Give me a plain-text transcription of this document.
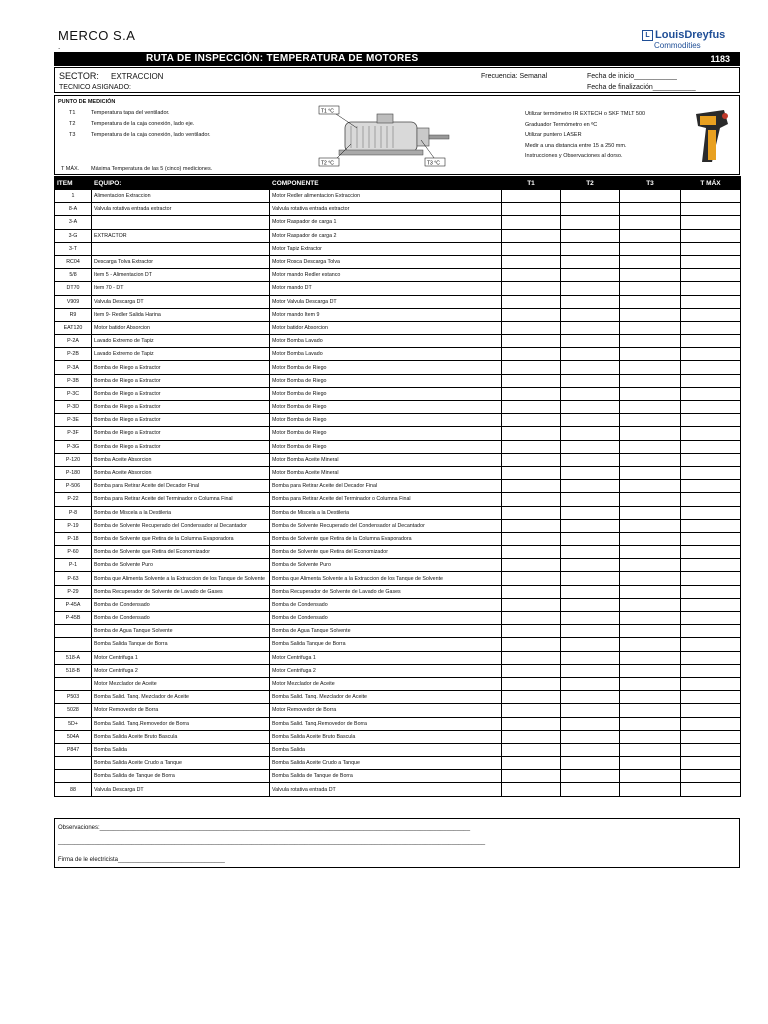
MERCO S.A
.
L LouisDreyfus
Commodities
RUTA DE INSPECCIÓN: TEMPERATURA DE MOTORES	1183
SECTOR: EXTRACCION
TECNICO ASIGNADO:
Frecuencia: Semanal	Fecha de inicio___________
Fecha de finalización___________
PUNTO DE MEDICIÓN
T1	Temperatura tapa del ventilador.
T2	Temperatura de la caja conexión, lado eje.
T3	Temperatura de la caja conexión, lado ventilador.
T MÁX. Máxima Temperatura de las 5 (cinco) mediciones.
T1 °C
T2 °C	T3 °C
Utilizar termómetro IR EXTECH o SKF TMLT 500
Graduador Termómetro en ºC
Utilizar puntero LASER
Medir a una distancia entre 15 a 250 mm.
Instrucciones y Observaciones al dorso.
ITEM	EQUIPO:	COMPONENTE	T1	T2	T3	T MÁX
1	Alimentacion Extraccion	Motor Redler alimentacion Extraccion				
8-A	Valvula rotativa entrada extractor	Valvula rotativa entrada extractor				
3-A		Motor Raspador de carga 1				
3-G	EXTRACTOR	Motor Raspador de carga 2				
3-T		Motor Tapiz Extractor				
RC04	Descarga Tolva Extractor	Motor Rosca Descarga Tolva				
5/8	Item 5 - Alimentacion DT	Motor mando Redler estanco				
DT70	Item 70 - DT	Motor mando DT				
V909	Valvula Descarga DT	Motor Valvula Descarga DT				
R9	Item 9- Redler Salida Harina	Motor mando Item 9				
EAT120	Motor batidor Absorcion	Motor batidor Absorcion				
P-2A	Lavado Extremo de Tapiz	Motor Bomba Lavado				
P-2B	Lavado Extremo de Tapiz	Motor Bomba Lavado				
P-3A	Bomba de Riego a Extractor	Motor Bomba de Riego				
P-3B	Bomba de Riego a Extractor	Motor Bomba de Riego				
P-3C	Bomba de Riego a Extractor	Motor Bomba de Riego				
P-3D	Bomba de Riego a Extractor	Motor Bomba de Riego				
P-3E	Bomba de Riego a Extractor	Motor Bomba de Riego				
P-3F	Bomba de Riego a Extractor	Motor Bomba de Riego				
P-3G	Bomba de Riego a Extractor	Motor Bomba de Riego				
P-120	Bomba Aceite Absorcion	Motor Bomba Aceite Mineral				
P-180	Bomba Aceite Absorcion	Motor Bomba Aceite Mineral				
P-506	Bomba para Retirar Aceite del Decador Final	Bomba para Retirar Aceite del Decador Final				
P-22	Bomba para Retirar Aceite del Terminador o Columna Final	Bomba para Retirar Aceite del Terminador o Columna Final				
P-8	Bomba de Miscela a la Destileria	Bomba de Miscela a la Destileria				
P-19	Bomba de Solvente Recuperado del Condensador al Decantador	Bomba de Solvente Recuperado del Condensador al Decantador				
P-18	Bomba de Solvente que Retira de la Columna Evaporadora	Bomba de Solvente que Retira de la Columna Evaporadora				
P-60	Bomba de Solvente que Retira del Economizador	Bomba de Solvente que Retira del Economizador				
P-1	Bomba de Solvente Puro	Bomba de Solvente Puro				
P-63	Bomba que Alimenta Solvente a la Extraccion de los Tanque de Solvente	Bomba que Alimenta Solvente a la Extraccion de los Tanque de Solvente				
P-29	Bomba Recuperador de Solvente de Lavado de Gases	Bomba Recuperador de Solvente de Lavado de Gases				
P-45A	Bomba de Condensado	Bomba de Condensado				
P-45B	Bomba de Condensado	Bomba de Condensado				
	Bomba de Agua Tanque Solvente	Bomba de Agua Tanque Solvente				
	Bomba Salida Tanque de Borra	Bomba Salida Tanque de Borra				
518-A	Motor Centrifuga 1	Motor Centrifuga 1				
518-B	Motor Centrifuga 2	Motor Centrifuga 2				
	Motor Mezclador de Aceite	Motor Mezclador de Aceite				
P503	Bomba Salid. Tanq. Mezclador de Aceite	Bomba Salid. Tanq. Mezclador de Aceite				
5028	Motor Removedor de Borra	Motor Removedor de Borra				
5D+	Bomba Salid. Tanq.Removedor de Borra	Bomba Salid. Tanq.Removedor de Borra				
504A	Bomba Salida Aceite Bruto Bascula	Bomba Salida Aceite Bruto Bascula				
P847	Bomba Salida	Bomba Salida				
	Bomba Salida Aceite Crudo a Tanque	Bomba Salida Aceite Crudo a Tanque				
	Bomba Salida de Tanque de Borra	Bomba Salida de Tanque de Borra				
88	Valvula Descarga DT	Valvula rotativa entrada DT				
Observaciones:_______________________________________________________________________________________________________________
________________________________________________________________________________________________________________________________
Firma de le electricista________________________________
